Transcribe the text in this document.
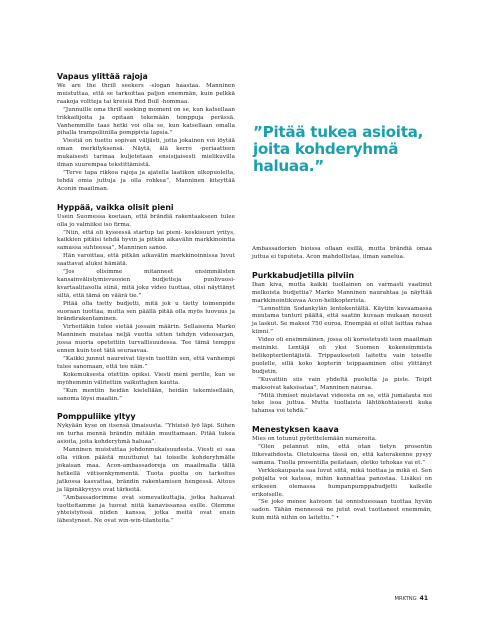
”Pitää tukea asioita, joita kohderyhmä haluaa.”
Vapaus ylittää rajoja

We are the thrill seekers -slogan haastaa. Manninen muistuttaa, että se tarkoittaa paljon enemmän, kuin pelkkä raakoja voltteja tai kreisiä Red Bull -hommaa.

”Junnuille oma thrill seeking moment on se, kun katsellaan trikkailijoita ja opitaan tekemään temppuja perässä. Vanhemmille taas hetki voi olla se, kun katsellaan omalla pihalla trampoliinilla pomppivia lapsia.”

Viestiä on tuettu sopivan väljästi, jotta jokainen voi löytää oman merkityksensä. Näytä, älä kerro -periaatteen mukaisesti tarinaa kuljetetaan ensisijaisesti mielikuvilla ilman suurempaa tekstittämistä.

”Terve tapa rikkoa rajoja ja ajatella laatikon ulkopuolelta, tehdä omia juttuja ja olla rohkea”, Manninen kiteyttää Aconin maailman.

Hyppää, vaikka olisit pieni

Usein Suomessa koetaan, että brändiä rakentaakseen tulee olla jo valmiiksi iso firma.

”Niin, että oli kyseessä startup tai pieni- keskisuuri yritys, kaikkien pitäisi tehdä hyvin ja pitkän aikavälin markkinointia samassa suhteessa”, Manninen sanoo.

Hän varoittaa, että pitkän aikavälin markkinoinnissa luvut saattavat aluksi hämätä.

”Jos olisimme mitanneet ensimmäisten kansainvälistymisvuosien budjetteja puolivuosi-kvartaalitasolla siinä, mitä joku video tuottaa, olisi näyttänyt siltä, että tämä on väärä tie.”

Pitää olla tietty budjetti, mitä jok u tietty toimenpide suoraan tuottaa, mutta sen päällä pitää olla myös luovuus ja brändirakentaminen.

Virheitäkin tulee sietää jossain määrin. Sellaisena Marko Manninen muistaa neljä vuotta sitten tehdyn videosarjan, jossa nuoria opetettiin turvallisuudessa. Tee tämä temppu ennen kuin teet tätä seuraavaa.

”Kaikki junnut naureivat täysin tuottiin sen, että vanhempi tulee sanomaan, että tee näin.”

Kokemuksesta otettiin opiksi. Viesti meni perille, kun se myöhemmin välitettiin vaikuttajien kautta.

”Kun mentiin heidän kielellään, heidän tekemisellään, sanoma löysi maaliin.”

Pomppuliike yltyy

Nykyään kyse on itsensä ilmaisusta. ”Yhteisö lyö läpi. Siihen on turha mennä brändin mitään muuttamaan. Pitää tukea asioita, joita kohderyhmä haluaa”.

Manninen muistuttaa johdonmukaisuudesta. Viesti ei saa olla viikon päästä muuttunut tai toiselle kohderyhmälle jokaisan maa. Acon-ambassadoreja on maailmalla tällä hetkellä viitisenkymmentä. Tuota puolta on tarkoitus jatkossa kasvattaa, brändin rakentamisen hengessä. Aitous ja läpinäkyvyys ovat tärkeitä.

”Ambassadorimme ovat somevaikuttajia, jotka haluavat tuotteitamme ja tuovat niitä kanavissansa esille. Olemme yhteistyössä niiden kanssa, jotka meitä ovat ensin lähestyneet. Ne ovat win-win-tilanteita.”

Ambassadorien bioissa ollaan esillä, mutta brändiä omaa juttua ei tuputeta. Acon mahdollistaa, ilman sanelua.

Purkkabudjetilla pilviin

Ihan kiva, mutta kaikki tuollainen on varmasti vaatinut melkoista budjettia? Marko Manninen naurahtaa ja näyttää markkinointikuvaa Acon-helikopterista.

”Lennettiin Sodankylän lentokentältä. Käytiin kuvaamassa muutama tunturi päältä, että saatiin kuvaan mukaan nousut ja laskut. Se maksoi 750 euroa. Enempää ei ollut laittaa rahaa kiinni.”

Video oli ensimmäinen, jossa oli korostetusti ison maailman meininki. Lentäjä oli yksi Suomen kokeneimmista helikopterilentäjistä. Trippauksetoli laitettu vain toiselle puolelle, sillä koko kopterin teippaaminen olisi ylittänyt budjetin.

”Kuvattiin siis vain yhdeltä puolelta ja piste. Teipit maksoivat kaksisataa”, Manninen nauraa.

”Mitä ihmiset muistavat videosta on se, että jumalauta noi teke isoa juttua. Mutta tuollaista lähtökohtaisesti kuka tahansa voi tehdä.”

Menestyksen kaava

Mies on totunut pyörittelemään numeroita.

”Olen pelannut niin, että otan tietyn prosentin liikevaihdosta. Oletuksena tässä on, että katerakenne pysyy samana. Tuolla prosentilla peilataan, oletko tehokas vai et.”

Verkkokaupasta saa luvut siitä, mikä tuottaa ja mikä ei. Sen pohjalta voi katsoa, mihin kannattaa panostaa. Lisäksi on erikseen olemassa humpanpumppabudjetti kaikelle erikoiselle.

”Se joko menee kaivoon tai onnistuessaan tuottaa hyvän sadon. Tähän mennessä ne jutut ovat tuottaneet enemmän, kuin mitä niihin on laitettu.” •

MRKTNG 41
